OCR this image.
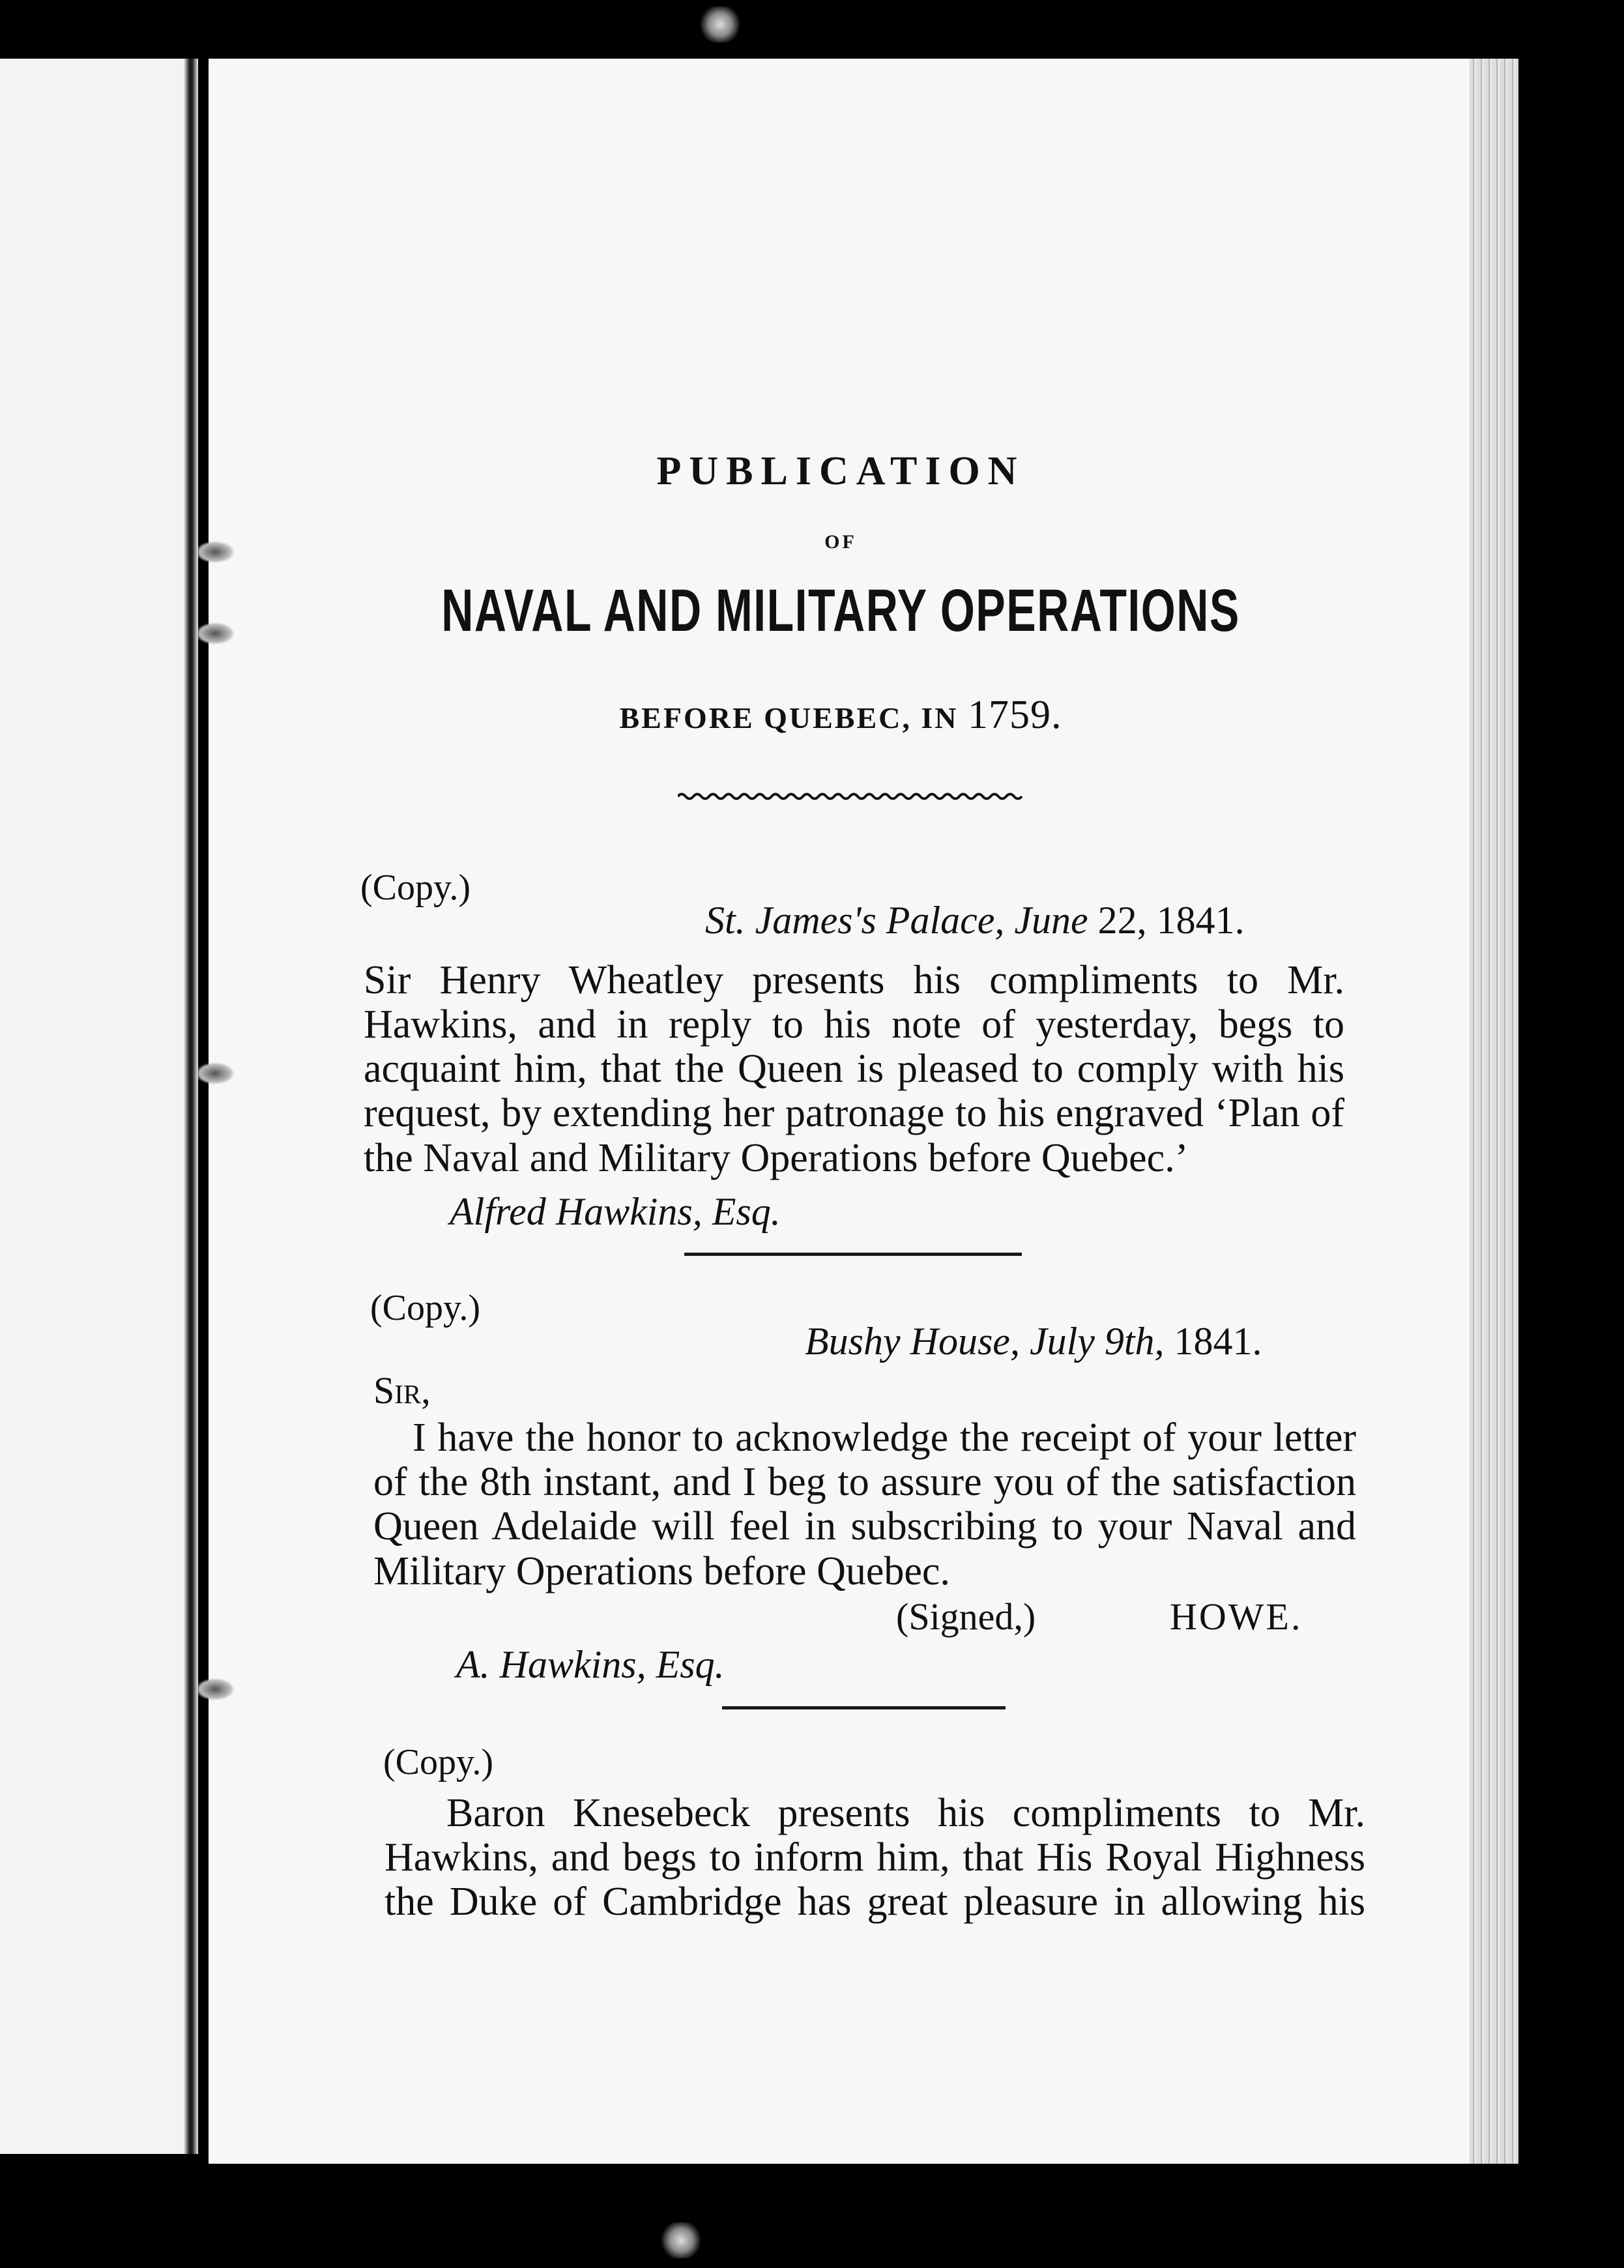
PUBLICATION
OF
NAVAL AND MILITARY OPERATIONS
BEFORE QUEBEC, IN 1759.
(Copy.)
St. James's Palace, June 22, 1841.
Sir Henry Wheatley presents his compliments to Mr.
Hawkins, and in reply to his note of yesterday, begs to
acquaint him, that the Queen is pleased to comply with his
request, by extending her patronage to his engraved ‘Plan of
the Naval and Military Operations before Quebec.’
Alfred Hawkins, Esq.
(Copy.)
Bushy House, July 9th, 1841.
Sir,
I have the honor to acknowledge the receipt of your letter
of the 8th instant, and I beg to assure you of the satisfaction
Queen Adelaide will feel in subscribing to your Naval and
Military Operations before Quebec.
(Signed,)	HOWE.
A. Hawkins, Esq.
(Copy.)
Baron Knesebeck presents his compliments to Mr.
Hawkins, and begs to inform him, that His Royal Highness
the Duke of Cambridge has great pleasure in allowing his
